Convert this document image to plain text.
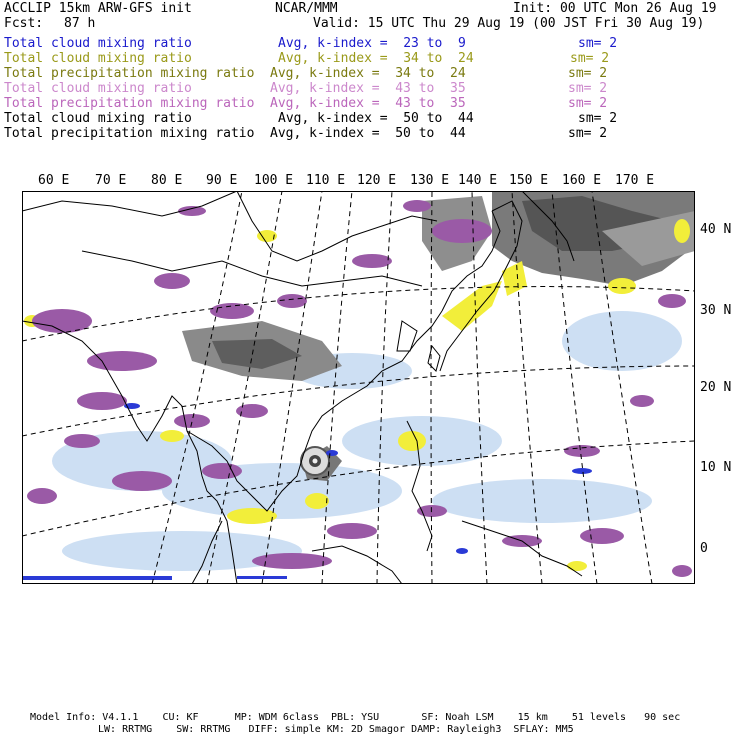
ACCLIP 15km ARW-GFS init	NCAR/MMM	Init: 00 UTC Mon 26 Aug 19
Fcst: 87 h	Valid: 15 UTC Thu 29 Aug 19 (00 JST Fri 30 Aug 19)
Total cloud mixing ratio	Avg, k-index =  23 to  9	sm= 2
Total cloud mixing ratio	Avg, k-index =  34 to  24	sm= 2
Total precipitation mixing ratio Avg, k-index =  34 to  24	sm= 2
Total cloud mixing ratio	Avg, k-index =  43 to  35	sm= 2
Total precipitation mixing ratio Avg, k-index =  43 to  35	sm= 2
Total cloud mixing ratio	Avg, k-index =  50 to  44	sm= 2
Total precipitation mixing ratio Avg, k-index =  50 to  44	sm= 2
60 E 70 E 80 E 90 E 100 E 110 E 120 E 130 E 140 E 150 E 160 E 170 E
40 N
30 N
20 N
10 N
0
Model Info: V4.1.1    CU: KF      MP: WDM 6class  PBL: YSU       SF: Noah LSM    15 km    51 levels   90 sec
LW: RRTMG    SW: RRTMG   DIFF: simple KM: 2D Smagor DAMP: Rayleigh3  SFLAY: MM5
